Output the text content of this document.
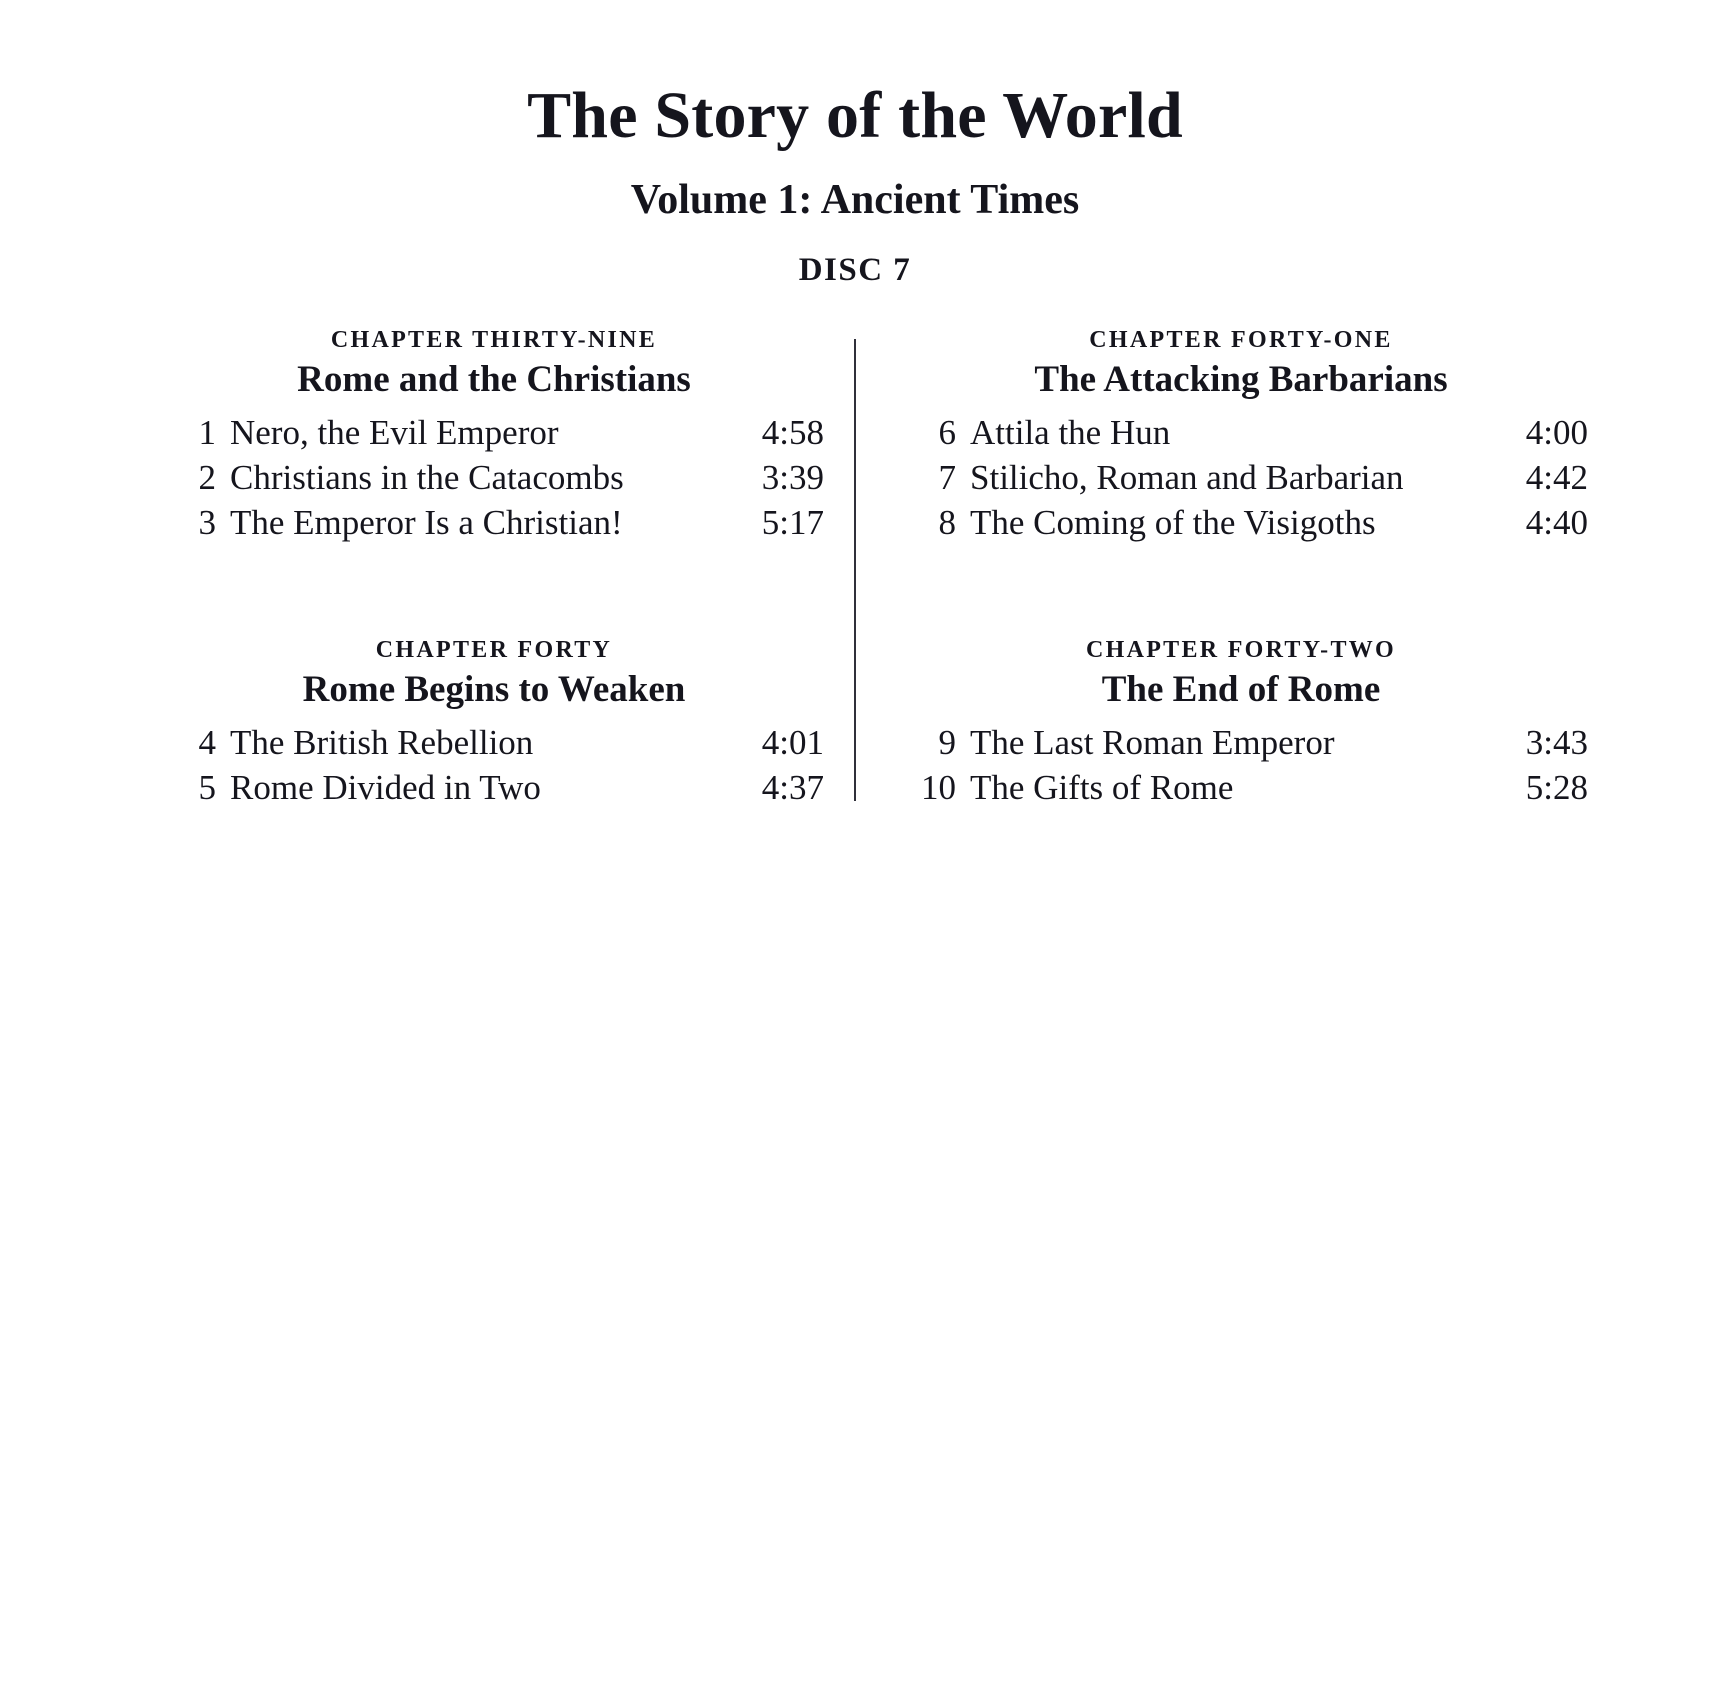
The Story of the World
Volume 1: Ancient Times
DISC 7
CHAPTER THIRTY-NINE
Rome and the Christians
1 Nero, the Evil Emperor	4:58
2 Christians in the Catacombs	3:39
3 The Emperor Is a Christian!	5:17
CHAPTER FORTY
Rome Begins to Weaken
4 The British Rebellion	4:01
5 Rome Divided in Two	4:37
CHAPTER FORTY-ONE
The Attacking Barbarians
6 Attila the Hun	4:00
7 Stilicho, Roman and Barbarian	4:42
8 The Coming of the Visigoths	4:40
CHAPTER FORTY-TWO
The End of Rome
9 The Last Roman Emperor	3:43
10 The Gifts of Rome	5:28
